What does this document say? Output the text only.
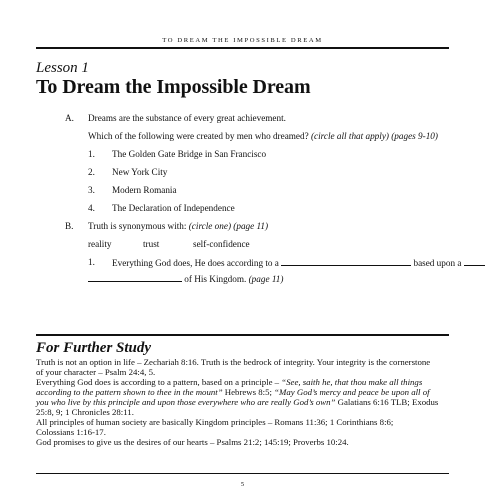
TO DREAM THE IMPOSSIBLE DREAM
Lesson 1
To Dream the Impossible Dream
A. Dreams are the substance of every great achievement.
Which of the following were created by men who dreamed? (circle all that apply) (pages 9-10)
1. The Golden Gate Bridge in San Francisco
2. New York City
3. Modern Romania
4. The Declaration of Independence
B. Truth is synonymous with: (circle one) (page 11)
reality	trust	self-confidence
1. Everything God does, He does according to a	based upon a
of His Kingdom. (page 11)
For Further Study
Truth is not an option in life – Zechariah 8:16. Truth is the bedrock of integrity. Your integrity is the cornerstone
of your character – Psalm 24:4, 5.
Everything God does is according to a pattern, based on a principle – “See, saith he, that thou make all things
according to the pattern shown to thee in the mount” Hebrews 8:5; “May God’s mercy and peace be upon all of
you who live by this principle and upon those everywhere who are really God’s own” Galatians 6:16 TLB; Exodus
25:8, 9; 1 Chronicles 28:11.
All principles of human society are basically Kingdom principles – Romans 11:36; 1 Corinthians 8:6;
Colossians 1:16-17.
God promises to give us the desires of our hearts – Psalms 21:2; 145:19; Proverbs 10:24.
5
